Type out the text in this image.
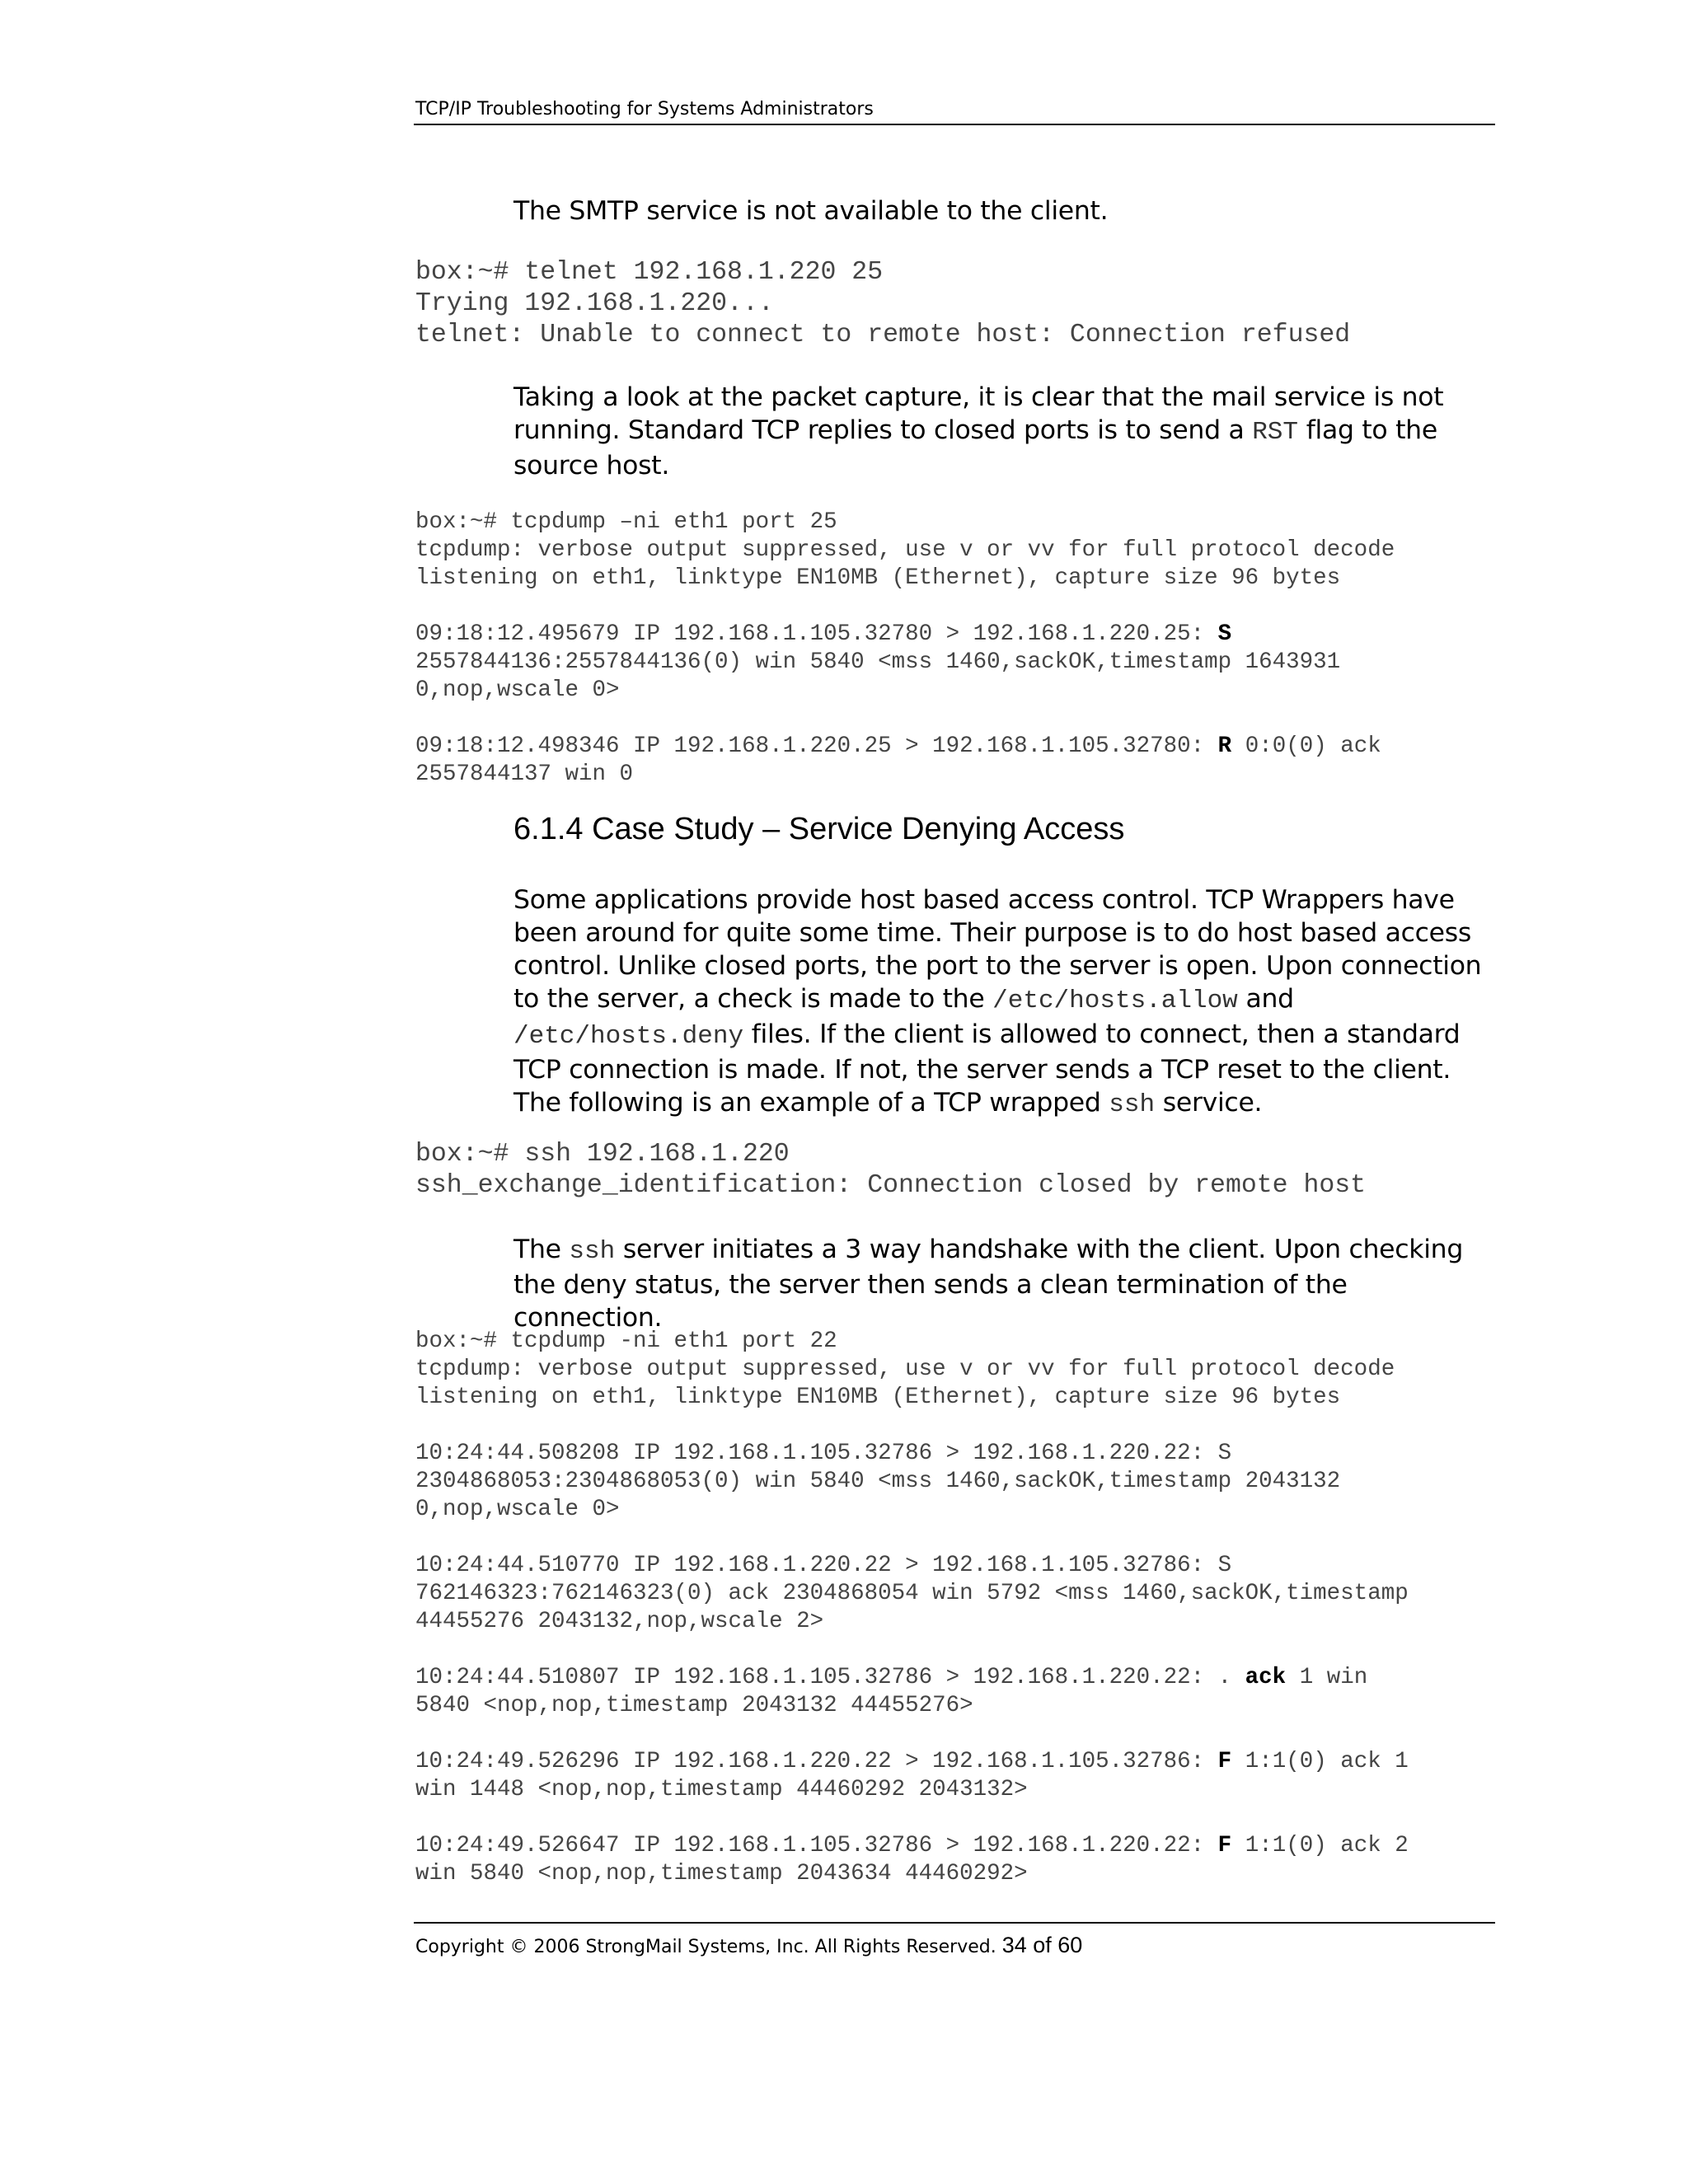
TCP/IP Troubleshooting for Systems Administrators
The SMTP service is not available to the client.
box:~# telnet 192.168.1.220 25
Trying 192.168.1.220...
telnet: Unable to connect to remote host: Connection refused
Taking a look at the packet capture, it is clear that the mail service is not running. Standard TCP replies to closed ports is to send a RST flag to the source host.
box:~# tcpdump –ni eth1 port 25
tcpdump: verbose output suppressed, use v or vv for full protocol decode
listening on eth1, linktype EN10MB (Ethernet), capture size 96 bytes

09:18:12.495679 IP 192.168.1.105.32780 > 192.168.1.220.25: S
2557844136:2557844136(0) win 5840 <mss 1460,sackOK,timestamp 1643931
0,nop,wscale 0>

09:18:12.498346 IP 192.168.1.220.25 > 192.168.1.105.32780: R 0:0(0) ack
2557844137 win 0
6.1.4 Case Study – Service Denying Access
Some applications provide host based access control. TCP Wrappers have been around for quite some time. Their purpose is to do host based access control. Unlike closed ports, the port to the server is open. Upon connection to the server, a check is made to the /etc/hosts.allow and /etc/hosts.deny files. If the client is allowed to connect, then a standard TCP connection is made. If not, the server sends a TCP reset to the client. The following is an example of a TCP wrapped ssh service.
box:~# ssh 192.168.1.220
ssh_exchange_identification: Connection closed by remote host
The ssh server initiates a 3 way handshake with the client. Upon checking the deny status, the server then sends a clean termination of the connection.
box:~# tcpdump -ni eth1 port 22
tcpdump: verbose output suppressed, use v or vv for full protocol decode
listening on eth1, linktype EN10MB (Ethernet), capture size 96 bytes

10:24:44.508208 IP 192.168.1.105.32786 > 192.168.1.220.22: S
2304868053:2304868053(0) win 5840 <mss 1460,sackOK,timestamp 2043132
0,nop,wscale 0>

10:24:44.510770 IP 192.168.1.220.22 > 192.168.1.105.32786: S
762146323:762146323(0) ack 2304868054 win 5792 <mss 1460,sackOK,timestamp
44455276 2043132,nop,wscale 2>

10:24:44.510807 IP 192.168.1.105.32786 > 192.168.1.220.22: . ack 1 win
5840 <nop,nop,timestamp 2043132 44455276>

10:24:49.526296 IP 192.168.1.220.22 > 192.168.1.105.32786: F 1:1(0) ack 1
win 1448 <nop,nop,timestamp 44460292 2043132>

10:24:49.526647 IP 192.168.1.105.32786 > 192.168.1.220.22: F 1:1(0) ack 2
win 5840 <nop,nop,timestamp 2043634 44460292>
Copyright © 2006 StrongMail Systems, Inc. All Rights Reserved. 34 of 60
